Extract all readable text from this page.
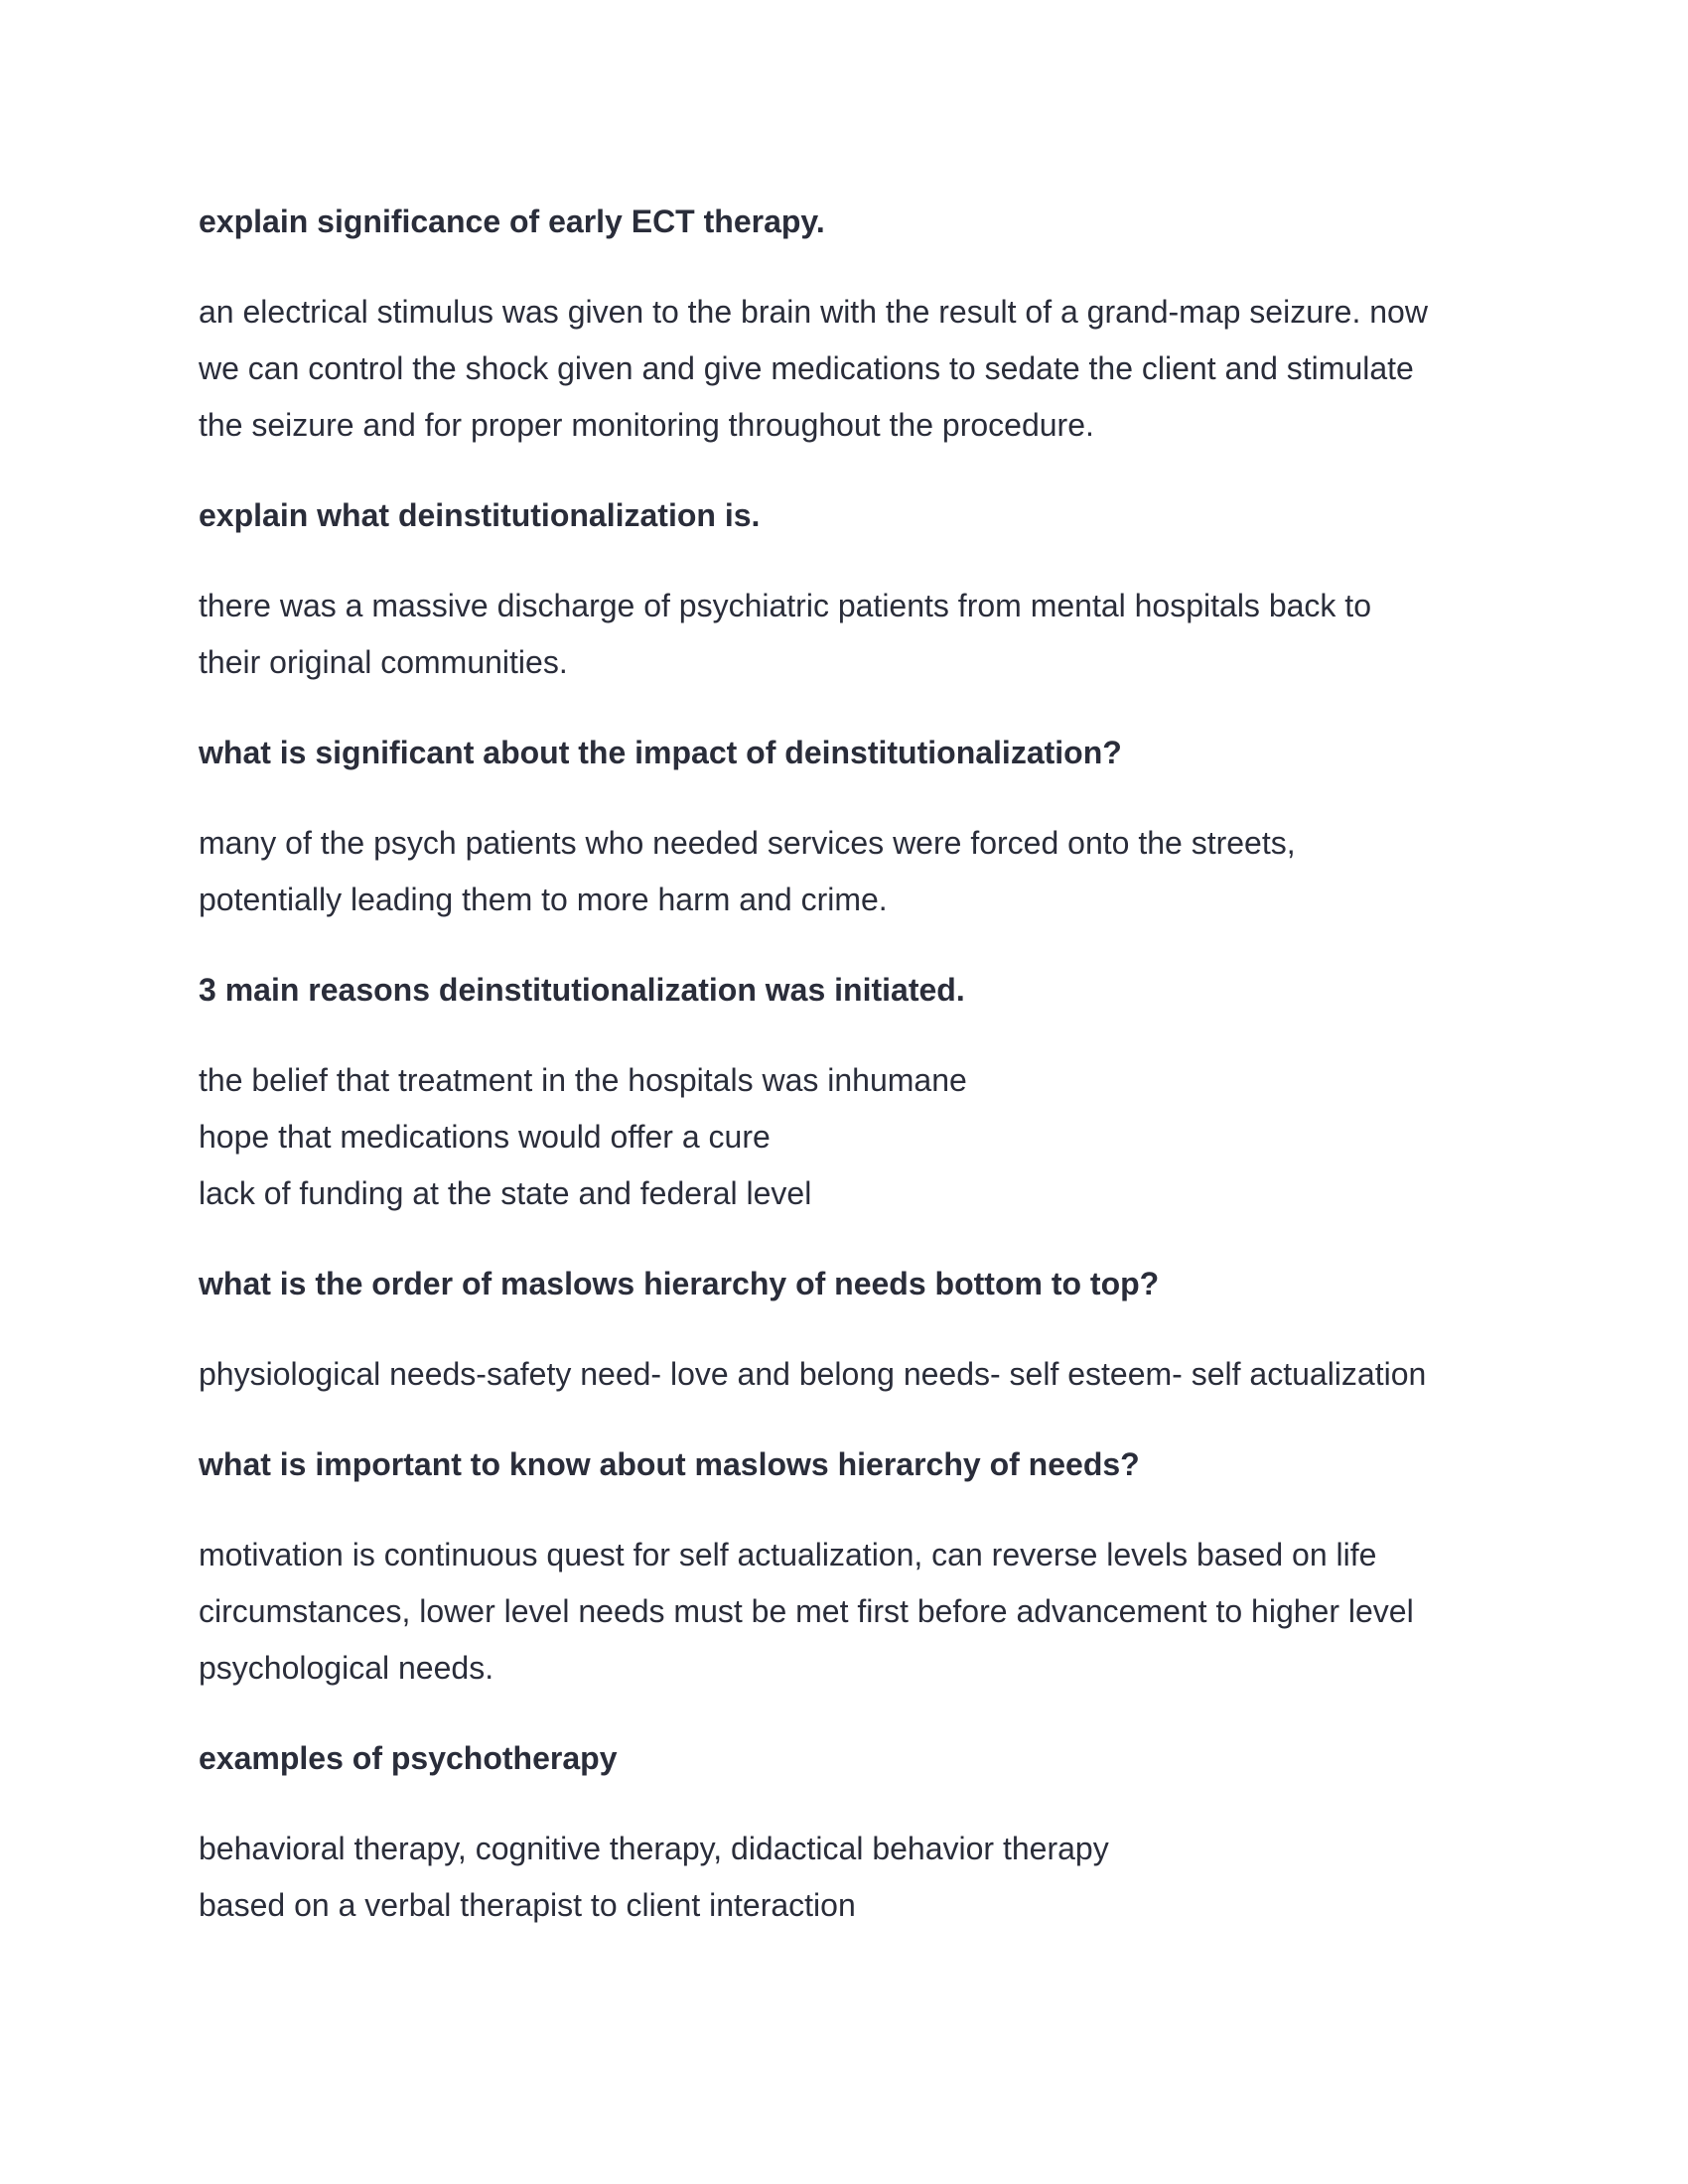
explain significance of early ECT therapy.
an electrical stimulus was given to the brain with the result of a grand-map seizure. now
we can control the shock given and give medications to sedate the client and stimulate
the seizure and for proper monitoring throughout the procedure.
explain what deinstitutionalization is.
there was a massive discharge of psychiatric patients from mental hospitals back to
their original communities.
what is significant about the impact of deinstitutionalization?
many of the psych patients who needed services were forced onto the streets,
potentially leading them to more harm and crime.
3 main reasons deinstitutionalization was initiated.
the belief that treatment in the hospitals was inhumane
hope that medications would offer a cure
lack of funding at the state and federal level
what is the order of maslows hierarchy of needs bottom to top?
physiological needs-safety need- love and belong needs- self esteem- self actualization
what is important to know about maslows hierarchy of needs?
motivation is continuous quest for self actualization, can reverse levels based on life
circumstances, lower level needs must be met first before advancement to higher level
psychological needs.
examples of psychotherapy
behavioral therapy, cognitive therapy, didactical behavior therapy
based on a verbal therapist to client interaction
